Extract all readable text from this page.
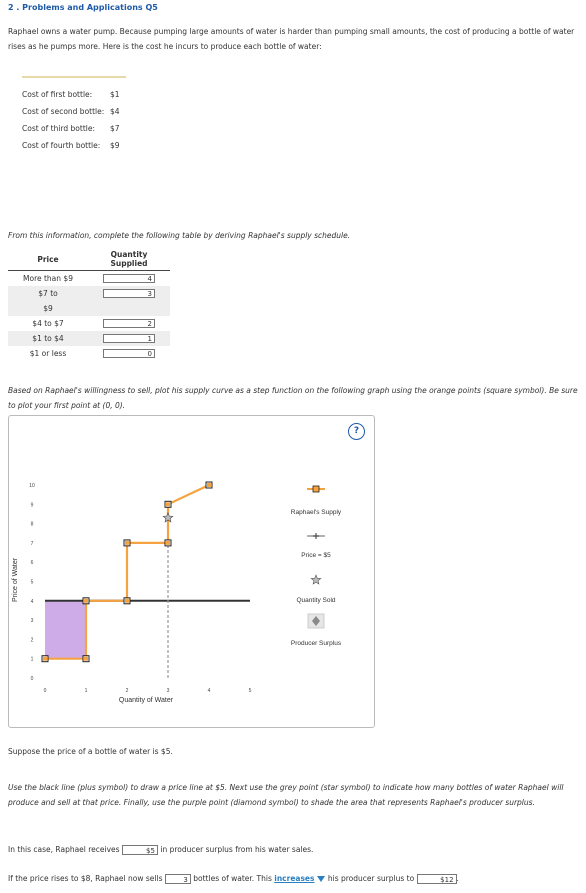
2 . Problems and Applications Q5
Raphael owns a water pump. Because pumping large amounts of water is harder than pumping small amounts, the cost of producing a bottle of water rises as he pumps more. Here is the cost he incurs to produce each bottle of water:
Cost of first bottle: $1
Cost of second bottle: $4
Cost of third bottle: $7
Cost of fourth bottle: $9
From this information, complete the following table by deriving Raphael's supply schedule.
Price	Quantity Supplied
More than $9	4
$7 to	3
$9	
$4 to $7	2
$1 to $4	1
$1 or less	0
Based on Raphael's willingness to sell, plot his supply curve as a step function on the following graph using the orange points (square symbol). Be sure to plot your first point at (0, 0).
?
0	1	2	3	4	5
0
1
2
3
4
5
6
7
8
9
10
Raphael's Supply
Price = $5
Quantity Sold
Producer Surplus
Price of Water
Quantity of Water
Suppose the price of a bottle of water is $5.
Use the black line (plus symbol) to draw a price line at $5. Next use the grey point (star symbol) to indicate how many bottles of water Raphael will produce and sell at that price. Finally, use the purple point (diamond symbol) to shade the area that represents Raphael's producer surplus.
In this case, Raphael receives	$5 in producer surplus from his water sales.
If the price rises to $8, Raphael now sells	3 bottles of water. This increases his producer surplus to	$12 .
